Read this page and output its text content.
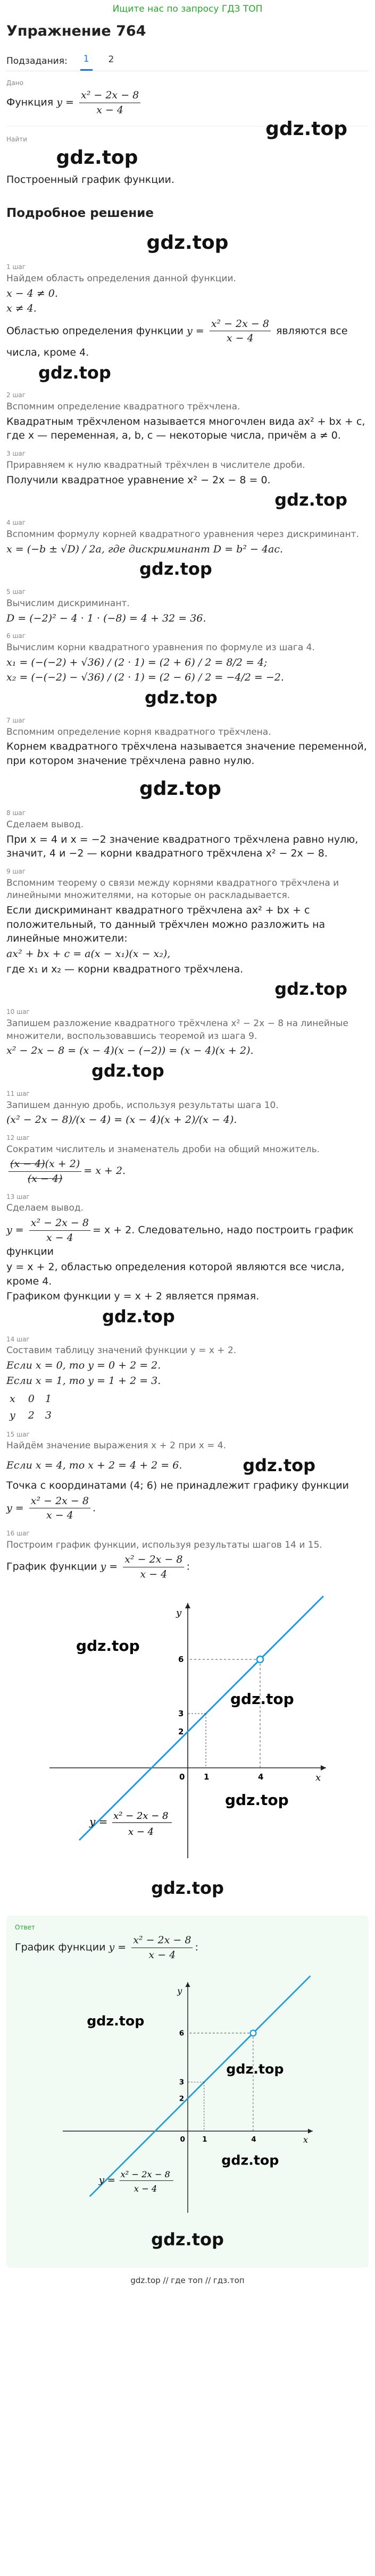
Ищите нас по запросу ГДЗ ТОП
Упражнение 764
Подзадания:	1	2
Дано

Функция $y = \frac{\text{x² − 2x − 8}}{x - 4}$

Найти	gdz.top
gdz.top

Построенный график функции.

Подробное решение
gdz.top
1 шаг

Найдем область определения данной функции.

x − 4 ≠ 0.

x ≠ 4.

Областью определения функции $y = \frac{\text{x² − 2x − 8}}{x - 4}$ являются все числа, кроме 4.

gdz.top
2 шаг

Вспомним определение квадратного трёхчлена.

Квадратным трёхчленом называется многочлен вида ax² + bx + c, где x — переменная, a, b, c — некоторые числа, причём a ≠ 0.

3 шаг

Приравняем к нулю квадратный трёхчлен в числителе дроби.

Получили квадратное уравнение x² − 2x − 8 = 0.

gdz.top
4 шаг

Вспомним формулу корней квадратного уравнения через дискриминант.

x = (−b ± √D) / 2a, где дискриминант D = b² − 4ac.

gdz.top
5 шаг

Вычислим дискриминант.

D = (−2)² − 4 · 1 · (−8) = 4 + 32 = 36.

6 шаг

Вычислим корни квадратного уравнения по формуле из шага 4.

x₁ = (−(−2) + √36) / (2 · 1) = (2 + 6) / 2 = 8/2 = 4;

x₂ = (−(−2) − √36) / (2 · 1) = (2 − 6) / 2 = −4/2 = −2.

gdz.top
7 шаг

Вспомним определение корня квадратного трёхчлена.

Корнем квадратного трёхчлена называется значение переменной, при котором значение трёхчлена равно нулю.

gdz.top
8 шаг

Сделаем вывод.

При x = 4 и x = −2 значение квадратного трёхчлена равно нулю, значит, 4 и −2 — корни квадратного трёхчлена x² − 2x − 8.

9 шаг

Вспомним теорему о связи между корнями квадратного трёхчлена и линейными множителями, на которые он раскладывается.

Если дискриминант квадратного трёхчлена ax² + bx + c положительный, то данный трёхчлен можно разложить на линейные множители:

ax² + bx + c = a(x − x₁)(x − x₂),

где x₁ и x₂ — корни квадратного трёхчлена.

gdz.top
10 шаг

Запишем разложение квадратного трёхчлена x² − 2x − 8 на линейные множители, воспользовавшись теоремой из шага 9.

x² − 2x − 8 = (x − 4)(x − (−2)) = (x − 4)(x + 2).

gdz.top
11 шаг

Запишем данную дробь, используя результаты шага 10.

(x² − 2x − 8)/(x − 4) = (x − 4)(x + 2)/(x − 4).

12 шаг

Сократим числитель и знаменатель дроби на общий множитель.

$\frac{(x - 4)(x + 2)}{(x - 4)} = x + 2$.

13 шаг

Сделаем вывод.

$y = \frac{\text{x² − 2x − 8}}{x - 4} = x + 2$. Следовательно, надо построить график функции

y = x + 2, областью определения которой являются все числа, кроме 4.

Графиком функции y = x + 2 является прямая.

gdz.top
14 шаг

Составим таблицу значений функции y = x + 2.

Если x = 0, то y = 0 + 2 = 2.

Если x = 1, то y = 1 + 2 = 3.

x	0	1
y	2	3
15 шаг

Найдём значение выражения x + 2 при x = 4.

Если x = 4, то x + 2 = 4 + 2 = 6.	gdz.top

Точка с координатами (4; 6) не принадлежит графику функции

$y = \frac{\text{x² − 2x − 8}}{x - 4}$ .

16 шаг

Построим график функции, используя результаты шагов 14 и 15.

График функции $y = \frac{\text{x² − 2x − 8}}{x - 4}$ :

x
y
0 1	4
2
3
6
y = x² − 2x − 8
x − 4
gdz.top
gdz.top
gdz.top
gdz.top
Ответ

График функции $y = \frac{\text{x² − 2x − 8}}{x - 4}$ :

x
y
0 1	4
2
3
6
y =
x² − 2x − 8
x − 4
gdz.top
gdz.top
gdz.top
gdz.top
gdz.top // где топ // гдз.топ
